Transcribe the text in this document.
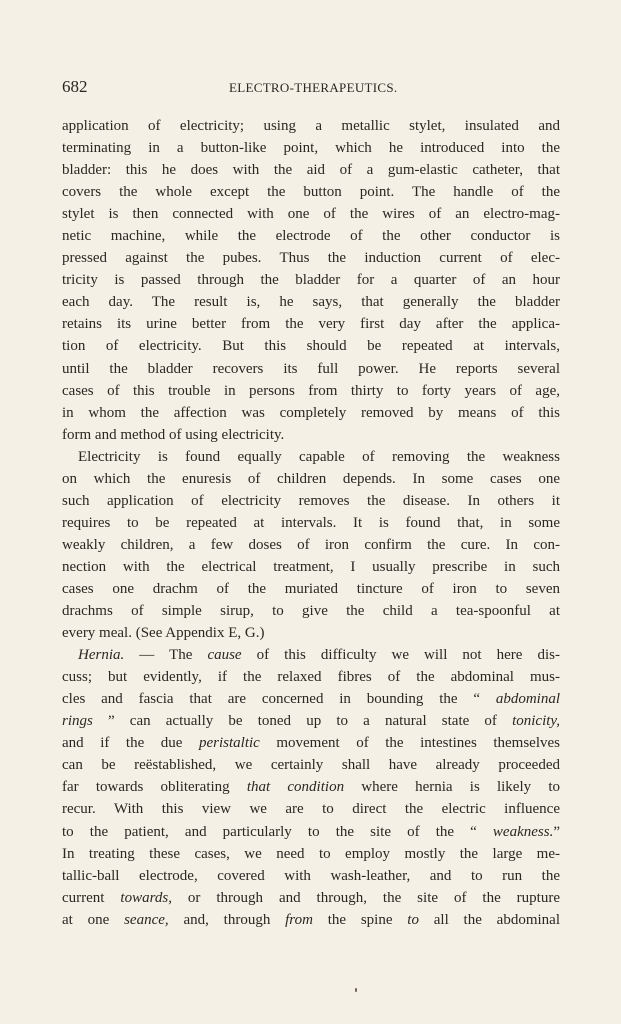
682	ELECTRO-THERAPEUTICS.
application of electricity; using a metallic stylet, insulated and
terminating in a button-like point, which he introduced into the
bladder: this he does with the aid of a gum-elastic catheter, that
covers the whole except the button point. The handle of the
stylet is then connected with one of the wires of an electro-mag-
netic machine, while the electrode of the other conductor is
pressed against the pubes. Thus the induction current of elec-
tricity is passed through the bladder for a quarter of an hour
each day. The result is, he says, that generally the bladder
retains its urine better from the very first day after the applica-
tion of electricity. But this should be repeated at intervals,
until the bladder recovers its full power. He reports several
cases of this trouble in persons from thirty to forty years of age,
in whom the affection was completely removed by means of this
form and method of using electricity.
Electricity is found equally capable of removing the weakness
on which the enuresis of children depends. In some cases one
such application of electricity removes the disease. In others it
requires to be repeated at intervals. It is found that, in some
weakly children, a few doses of iron confirm the cure. In con-
nection with the electrical treatment, I usually prescribe in such
cases one drachm of the muriated tincture of iron to seven
drachms of simple sirup, to give the child a tea-spoonful at
every meal. (See Appendix E, G.)
Hernia. — The cause of this difficulty we will not here dis-
cuss; but evidently, if the relaxed fibres of the abdominal mus-
cles and fascia that are concerned in bounding the “ abdominal
rings ” can actually be toned up to a natural state of tonicity,
and if the due peristaltic movement of the intestines themselves
can be reëstablished, we certainly shall have already proceeded
far towards obliterating that condition where hernia is likely to
recur. With this view we are to direct the electric influence
to the patient, and particularly to the site of the “ weakness.”
In treating these cases, we need to employ mostly the large me-
tallic-ball electrode, covered with wash-leather, and to run the
current towards, or through and through, the site of the rupture
at one seance, and, through from the spine to all the abdominal
